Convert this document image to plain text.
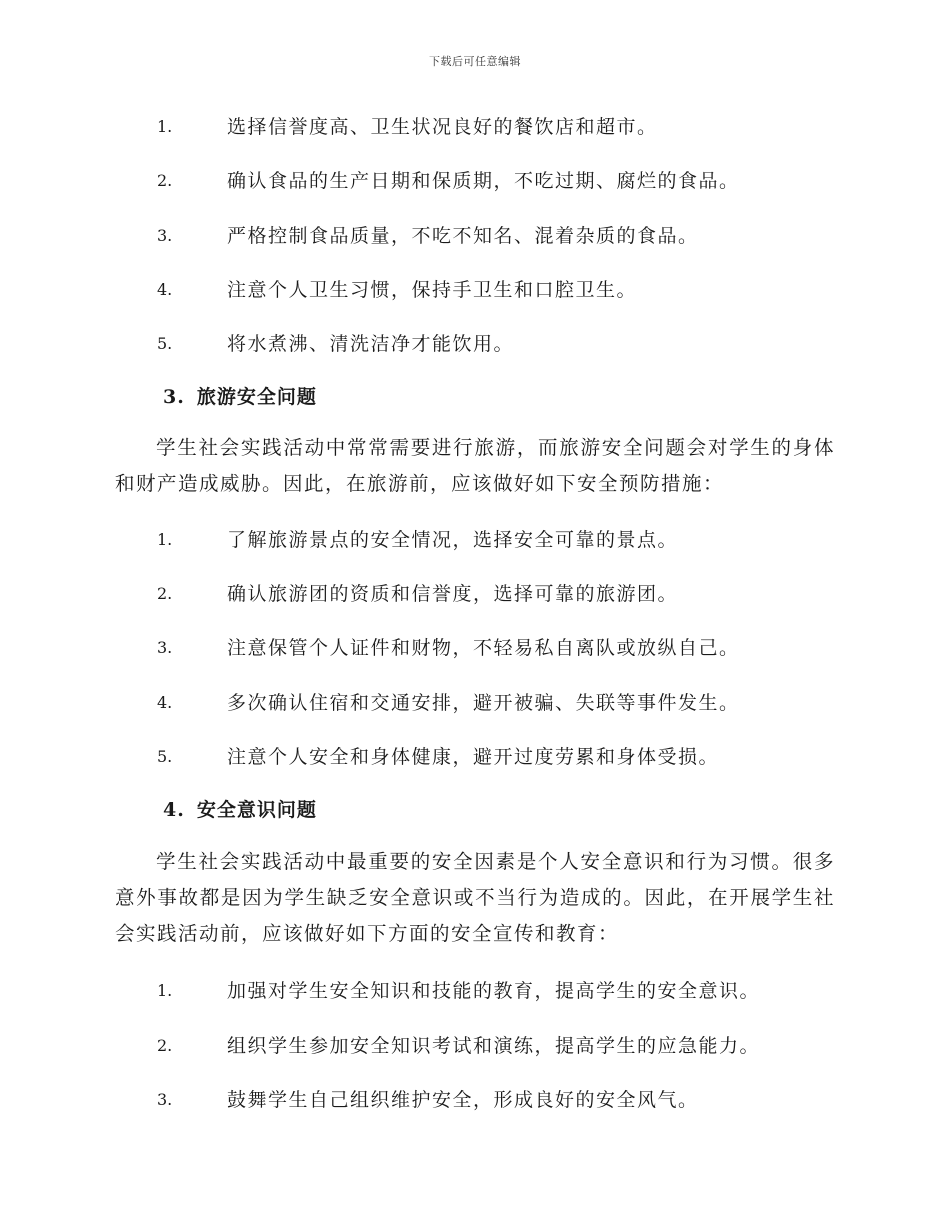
下载后可任意编辑
1.	选择信誉度高、卫生状况良好的餐饮店和超市。
2.	确认食品的生产日期和保质期，不吃过期、腐烂的食品。
3.	严格控制食品质量，不吃不知名、混着杂质的食品。
4.	注意个人卫生习惯，保持手卫生和口腔卫生。
5.	将水煮沸、清洗洁净才能饮用。
3. 旅游安全问题
学生社会实践活动中常常需要进行旅游，而旅游安全问题会对学生的身体和财产造成威胁。因此，在旅游前，应该做好如下安全预防措施：
1.	了解旅游景点的安全情况，选择安全可靠的景点。
2.	确认旅游团的资质和信誉度，选择可靠的旅游团。
3.	注意保管个人证件和财物，不轻易私自离队或放纵自己。
4.	多次确认住宿和交通安排，避开被骗、失联等事件发生。
5.	注意个人安全和身体健康，避开过度劳累和身体受损。
4. 安全意识问题
学生社会实践活动中最重要的安全因素是个人安全意识和行为习惯。很多意外事故都是因为学生缺乏安全意识或不当行为造成的。因此，在开展学生社会实践活动前，应该做好如下方面的安全宣传和教育：
1.	加强对学生安全知识和技能的教育，提高学生的安全意识。
2.	组织学生参加安全知识考试和演练，提高学生的应急能力。
3.	鼓舞学生自己组织维护安全，形成良好的安全风气。
